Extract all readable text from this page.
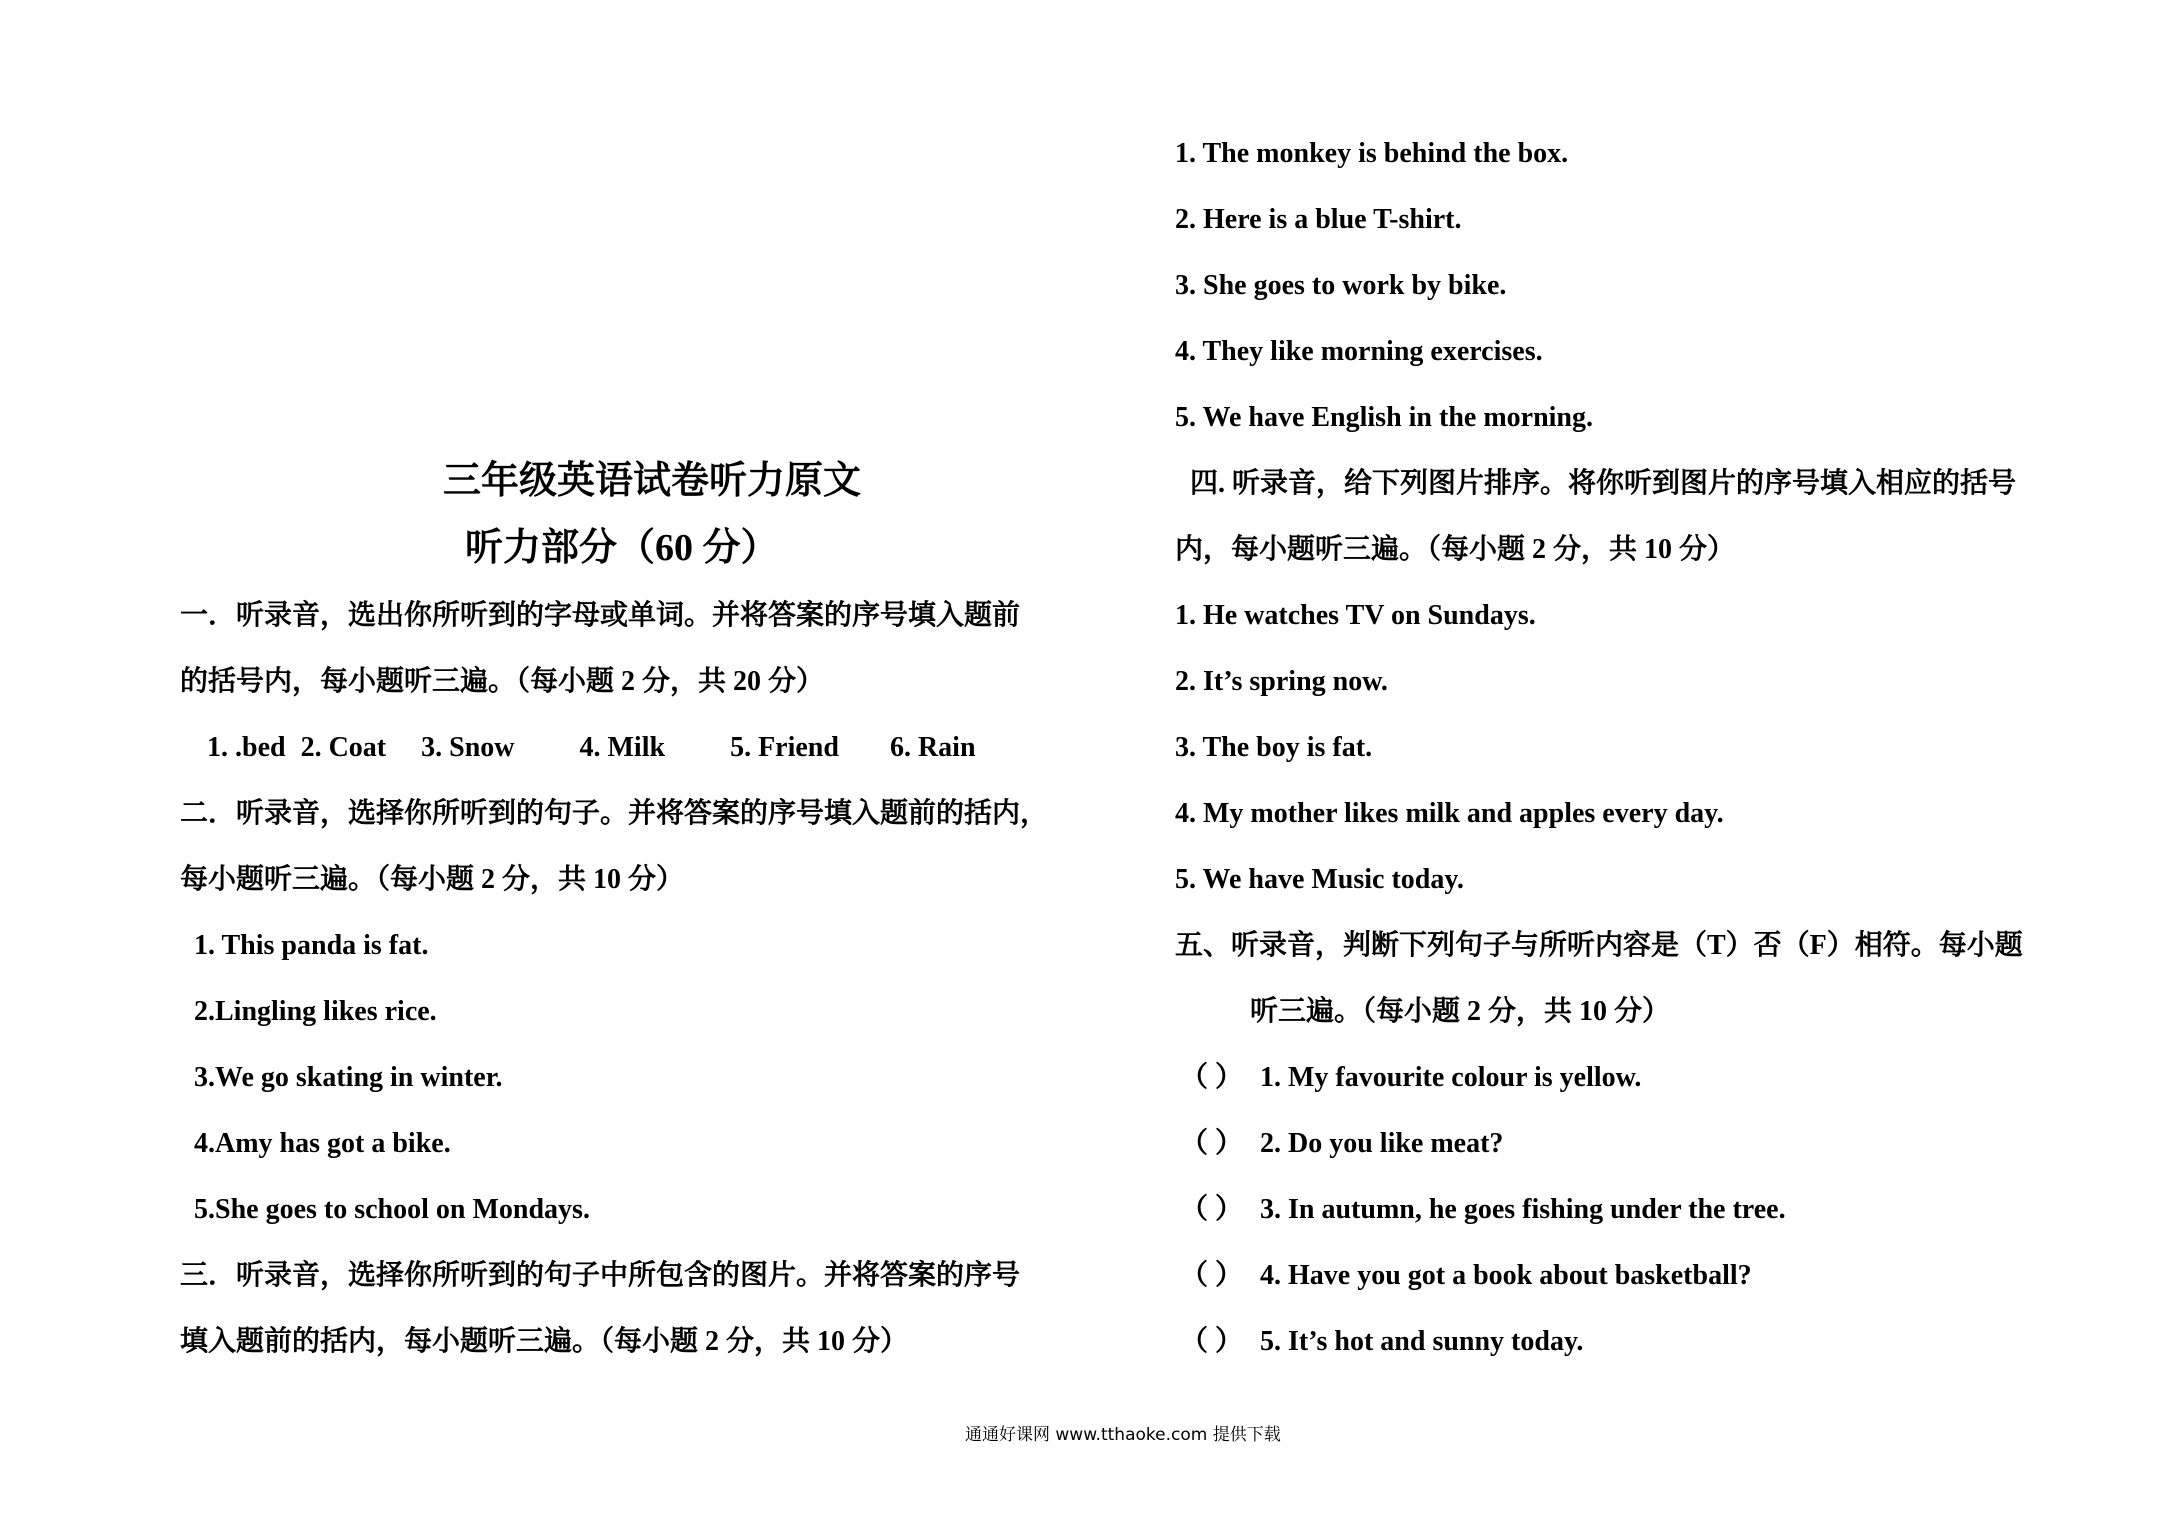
三年级英语试卷听力原文
听力部分（60 分）
一．听录音，选出你所听到的字母或单词。并将答案的序号填入题前
的括号内，每小题听三遍。（每小题 2 分，共 20 分）
1. .bed 2. Coat 3. Snow 4. Milk 5. Friend 6. Rain
二．听录音，选择你所听到的句子。并将答案的序号填入题前的括内，
每小题听三遍。（每小题 2 分，共 10 分）
1. This panda is fat.
2.Lingling likes rice.
3.We go skating in winter.
4.Amy has got a bike.
5.She goes to school on Mondays.
三．听录音，选择你所听到的句子中所包含的图片。并将答案的序号
填入题前的括内，每小题听三遍。（每小题 2 分，共 10 分）
1. The monkey is behind the box.
2. Here is a blue T-shirt.
3. She goes to work by bike.
4. They like morning exercises.
5. We have English in the morning.
四. 听录音，给下列图片排序。将你听到图片的序号填入相应的括号
内，每小题听三遍。（每小题 2 分，共 10 分）
1. He watches TV on Sundays.
2. It’s spring now.
3. The boy is fat.
4. My mother likes milk and apples every day.
5. We have Music today.
五、听录音，判断下列句子与所听内容是（T）否（F）相符。每小题
听三遍。（每小题 2 分，共 10 分）
（ ） 1. My favourite colour is yellow.
（ ） 2. Do you like meat?
（ ） 3. In autumn, he goes fishing under the tree.
（ ） 4. Have you got a book about basketball?
（ ） 5. It’s hot and sunny today.
通通好课网 www.tthaoke.com 提供下载
